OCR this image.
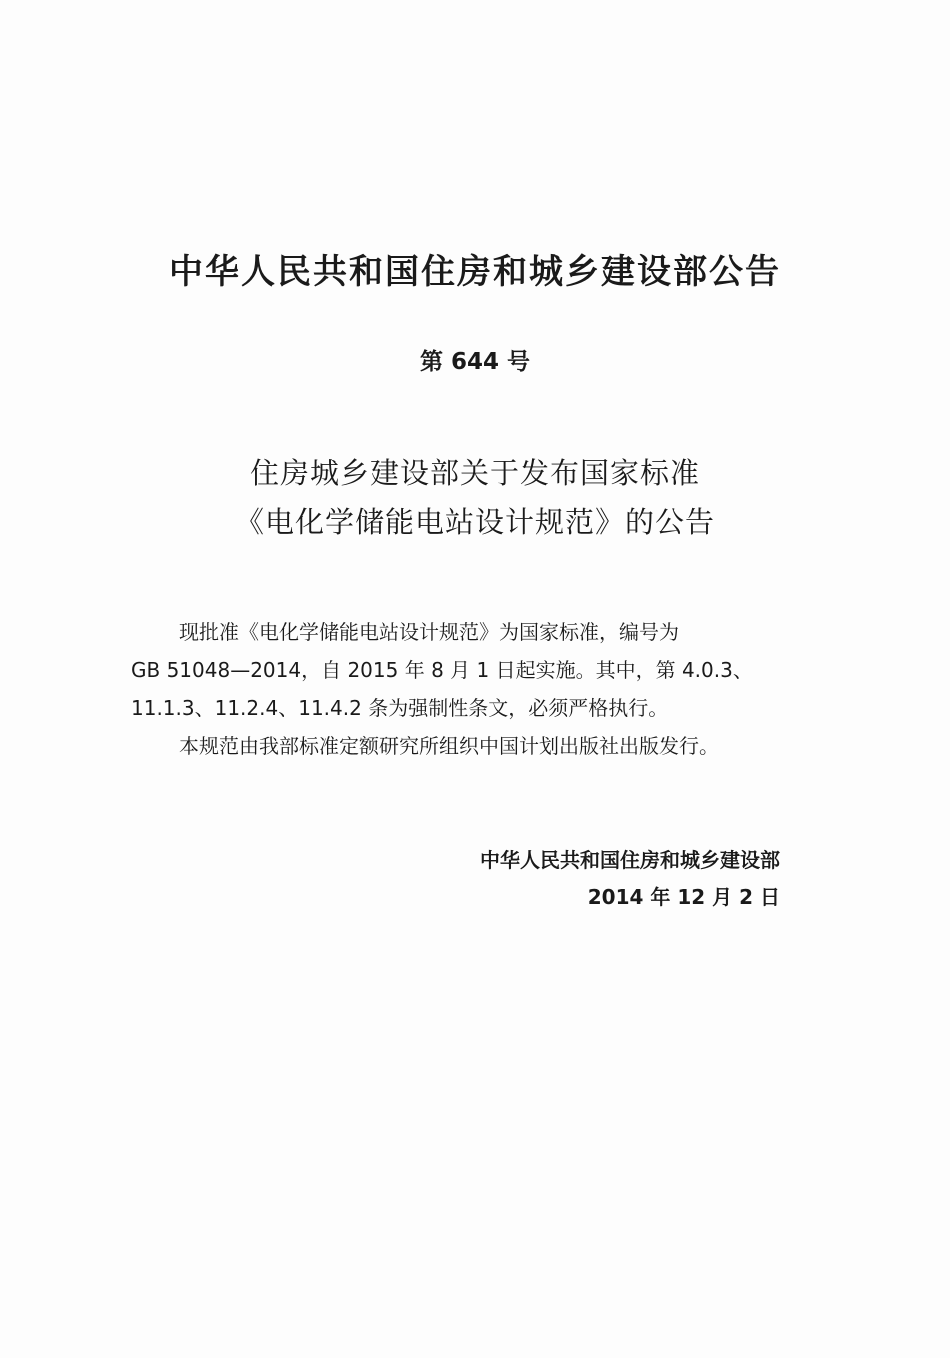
中华人民共和国住房和城乡建设部公告
第 644 号
住房城乡建设部关于发布国家标准
《电化学储能电站设计规范》的公告
现批准《电化学储能电站设计规范》为国家标准，编号为
GB 51048—2014，自 2015 年 8 月 1 日起实施。其中，第 4.0.3、
11.1.3、11.2.4、11.4.2 条为强制性条文，必须严格执行。
本规范由我部标准定额研究所组织中国计划出版社出版发行。
中华人民共和国住房和城乡建设部
2014 年 12 月 2 日
